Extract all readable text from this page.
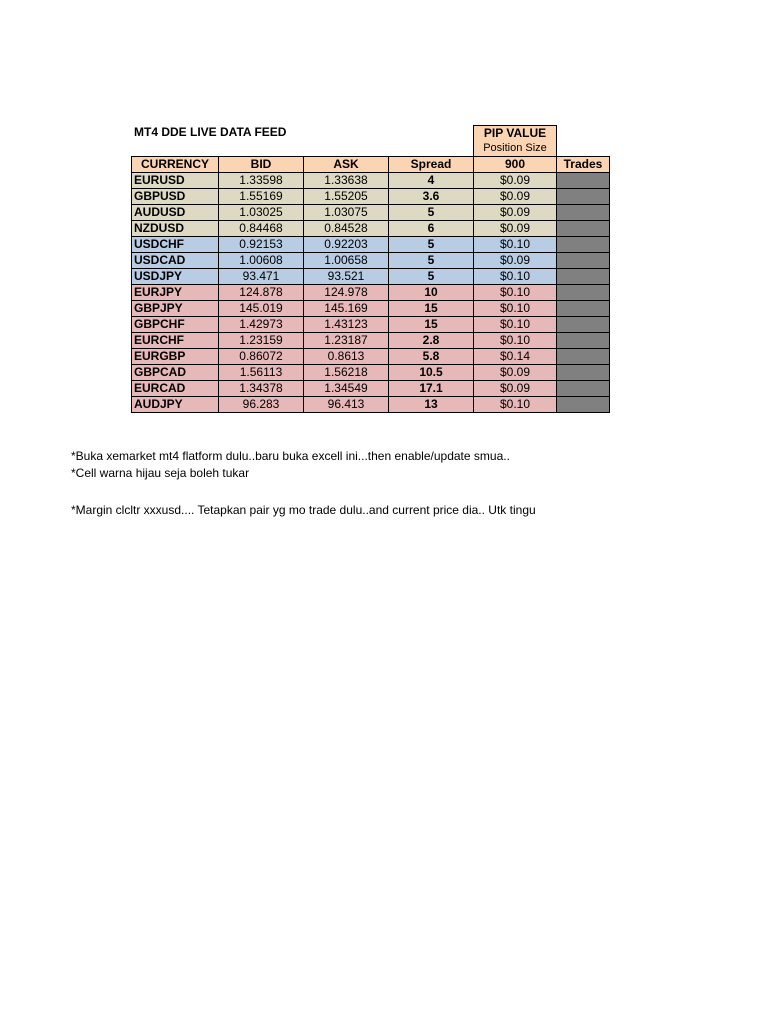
MT4 DDE LIVE DATA FEED	PIP VALUE
Position Size
CURRENCY	BID	ASK	Spread	900	Trades
EURUSD	1.33598	1.33638	4	$0.09	
GBPUSD	1.55169	1.55205	3.6	$0.09	
AUDUSD	1.03025	1.03075	5	$0.09	
NZDUSD	0.84468	0.84528	6	$0.09	
USDCHF	0.92153	0.92203	5	$0.10	
USDCAD	1.00608	1.00658	5	$0.09	
USDJPY	93.471	93.521	5	$0.10	
EURJPY	124.878	124.978	10	$0.10	
GBPJPY	145.019	145.169	15	$0.10	
GBPCHF	1.42973	1.43123	15	$0.10	
EURCHF	1.23159	1.23187	2.8	$0.10	
EURGBP	0.86072	0.8613	5.8	$0.14	
GBPCAD	1.56113	1.56218	10.5	$0.09	
EURCAD	1.34378	1.34549	17.1	$0.09	
AUDJPY	96.283	96.413	13	$0.10	
*Buka xemarket mt4 flatform dulu..baru buka excell ini...then enable/update smua..
*Cell warna hijau seja boleh tukar
*Margin clcltr xxxusd.... Tetapkan pair yg mo trade dulu..and current price dia.. Utk tingu
